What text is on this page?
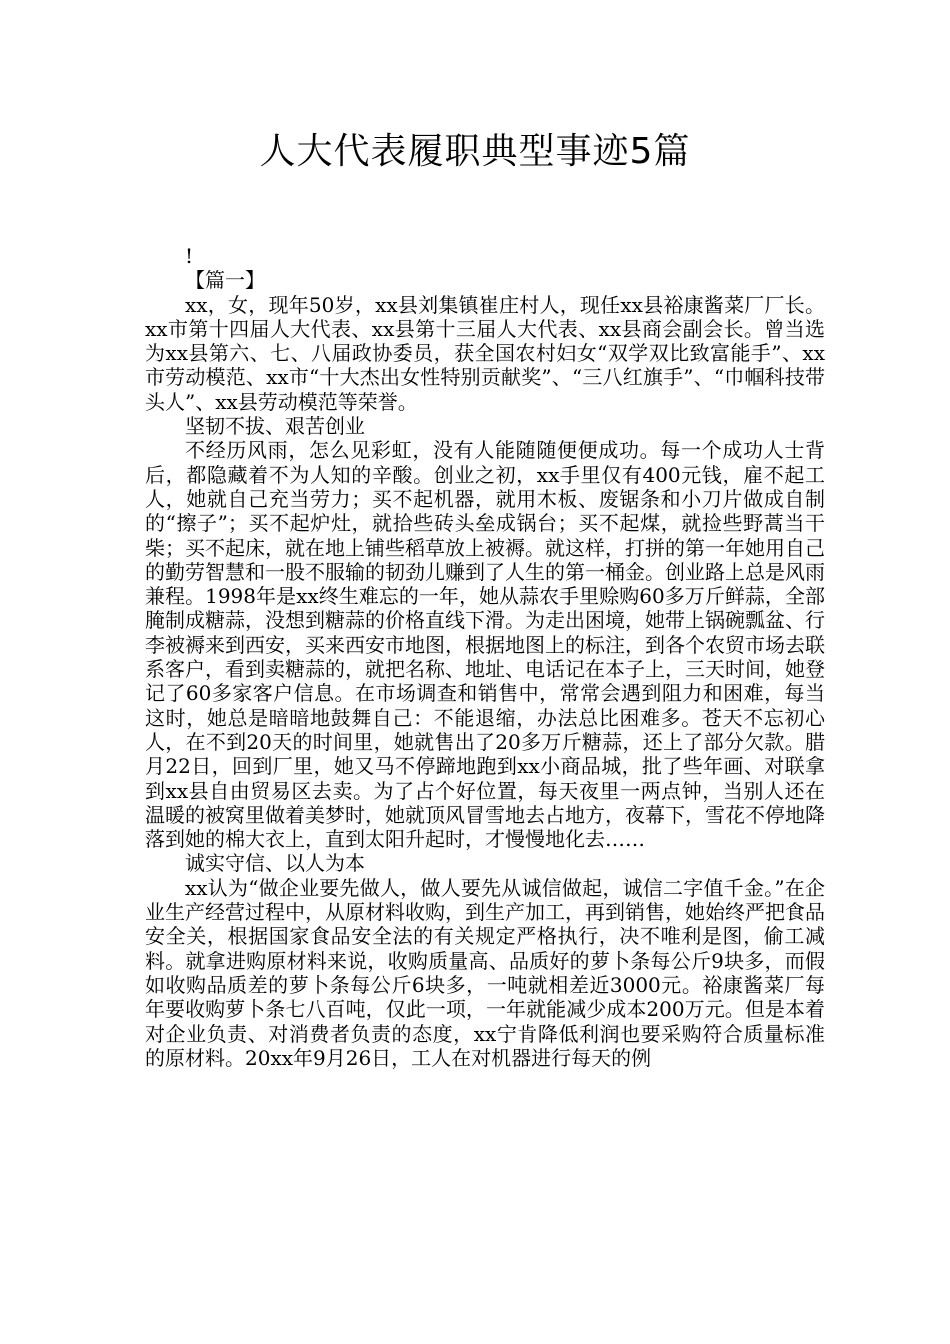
人大代表履职典型事迹5篇

!

【篇一】

xx，女，现年50岁，xx县刘集镇崔庄村人，现任xx县裕康酱菜厂厂长。xx市第十四届人大代表、xx县第十三届人大代表、xx县商会副会长。曾当选为xx县第六、七、八届政协委员，获全国农村妇女“双学双比致富能手”、xx市劳动模范、xx市“十大杰出女性特别贡献奖”、“三八红旗手”、“巾帼科技带头人”、xx县劳动模范等荣誉。

坚韧不拔、艰苦创业

不经历风雨，怎么见彩虹，没有人能随随便便成功。每一个成功人士背后，都隐藏着不为人知的辛酸。创业之初，xx手里仅有400元钱，雇不起工人，她就自己充当劳力；买不起机器，就用木板、废锯条和小刀片做成自制的“擦子”；买不起炉灶，就拾些砖头垒成锅台；买不起煤，就捡些野蒿当干柴；买不起床，就在地上铺些稻草放上被褥。就这样，打拼的第一年她用自己的勤劳智慧和一股不服输的韧劲儿赚到了人生的第一桶金。创业路上总是风雨兼程。1998年是xx终生难忘的一年，她从蒜农手里赊购60多万斤鲜蒜，全部腌制成糖蒜，没想到糖蒜的价格直线下滑。为走出困境，她带上锅碗瓢盆、行李被褥来到西安，买来西安市地图，根据地图上的标注，到各个农贸市场去联系客户，看到卖糖蒜的，就把名称、地址、电话记在本子上，三天时间，她登记了60多家客户信息。在市场调查和销售中，常常会遇到阻力和困难，每当这时，她总是暗暗地鼓舞自己：不能退缩，办法总比困难多。苍天不忘初心人，在不到20天的时间里，她就售出了20多万斤糖蒜，还上了部分欠款。腊月22日，回到厂里，她又马不停蹄地跑到xx小商品城，批了些年画、对联拿到xx县自由贸易区去卖。为了占个好位置，每天夜里一两点钟，当别人还在温暖的被窝里做着美梦时，她就顶风冒雪地去占地方，夜幕下，雪花不停地降落到她的棉大衣上，直到太阳升起时，才慢慢地化去……

诚实守信、以人为本

xx认为“做企业要先做人，做人要先从诚信做起，诚信二字值千金。”在企业生产经营过程中，从原材料收购，到生产加工，再到销售，她始终严把食品安全关，根据国家食品安全法的有关规定严格执行，决不唯利是图，偷工减料。就拿进购原材料来说，收购质量高、品质好的萝卜条每公斤9块多，而假如收购品质差的萝卜条每公斤6块多，一吨就相差近3000元。裕康酱菜厂每年要收购萝卜条七八百吨，仅此一项，一年就能减少成本200万元。但是本着对企业负责、对消费者负责的态度，xx宁肯降低利润也要采购符合质量标准的原材料。20xx年9月26日，工人在对机器进行每天的例
